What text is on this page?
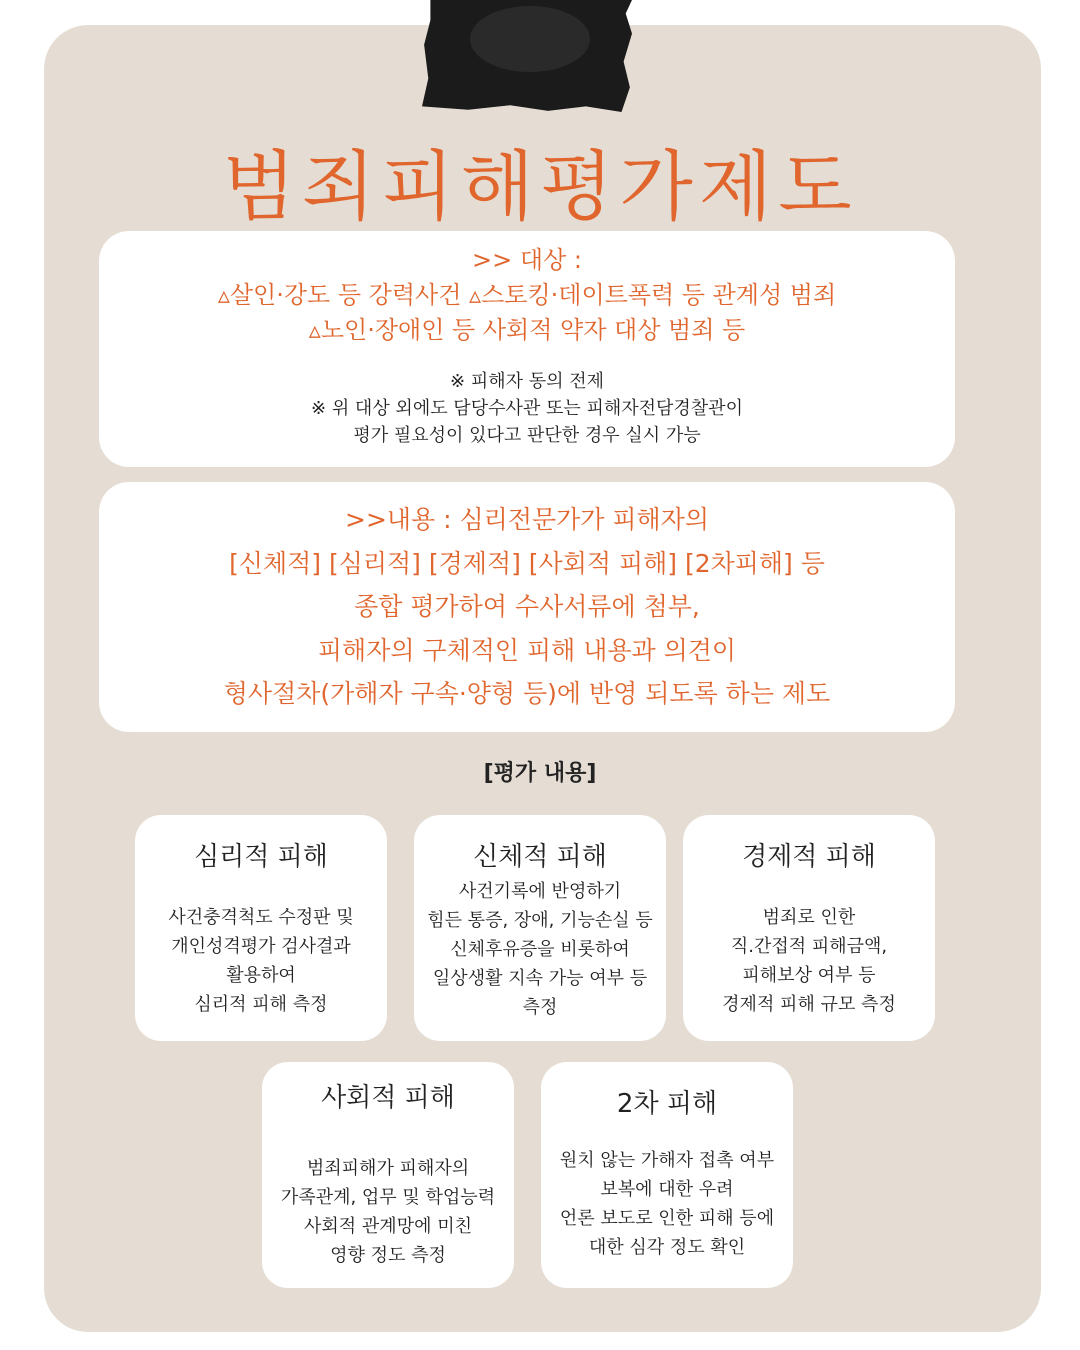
범죄피해평가제도
>> 대상 :
▵살인·강도 등 강력사건 ▵스토킹·데이트폭력 등 관계성 범죄
▵노인·장애인 등 사회적 약자 대상 범죄 등
※ 피해자 동의 전제
※ 위 대상 외에도 담당수사관 또는 피해자전담경찰관이
평가 필요성이 있다고 판단한 경우 실시 가능
>>내용 : 심리전문가가 피해자의
[신체적] [심리적] [경제적] [사회적 피해] [2차피해] 등
종합 평가하여 수사서류에 첨부,
피해자의 구체적인 피해 내용과 의견이
형사절차(가해자 구속·양형 등)에 반영 되도록 하는 제도
[평가 내용]
심리적 피해
사건충격척도 수정판 및
개인성격평가 검사결과
활용하여
심리적 피해 측정
신체적 피해
사건기록에 반영하기
힘든 통증, 장애, 기능손실 등
신체후유증을 비롯하여
일상생활 지속 가능 여부 등
측정
경제적 피해
범죄로 인한
직.간접적 피해금액,
피해보상 여부 등
경제적 피해 규모 측정
사회적 피해
범죄피해가 피해자의
가족관계, 업무 및 학업능력
사회적 관계망에 미친
영향 정도 측정
2차 피해
원치 않는 가해자 접촉 여부
보복에 대한 우려
언론 보도로 인한 피해 등에
대한 심각 정도 확인
